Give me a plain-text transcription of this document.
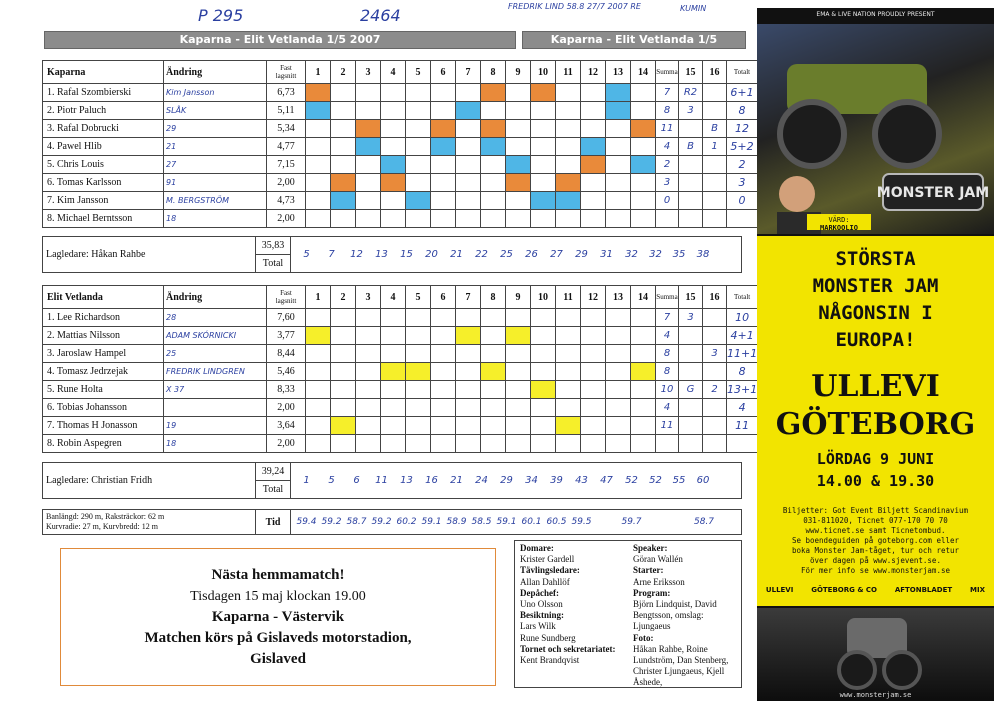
P 295	2464	FREDRIK LIND 58.8 27/7 2007 RE	KUMIN
Kaparna - Elit Vetlanda 1/5 2007	Kaparna - Elit Vetlanda 1/5
Kaparna	Ändring	Fast
lagsnitt	1	2	3	4	5	6	7	8	9	10	11	12	13	14	Summa	15	16	Totalt
1. Rafal Szombierski	Kim Jansson	6,73															7	R2		6+1
2. Piotr Paluch	SLÅK	5,11															8	3		8
3. Rafal Dobrucki	29	5,34															11		B	12
4. Pawel Hlib	21	4,77															4	B	1	5+2
5. Chris Louis	27	7,15															2			2
6. Tomas Karlsson	91	2,00															3			3
7. Kim Jansson	M. BERGSTRÖM	4,73															0			0
8. Michael Berntsson	18	2,00																		
Lagledare: Håkan Rahbe	35,83	
5	7	12	13	15	20	21	22	25	26	27	29	31	32	32	35	38

Total
Elit Vetlanda	Ändring	Fast
lagsnitt	1	2	3	4	5	6	7	8	9	10	11	12	13	14	Summa	15	16	Totalt
1. Lee Richardson	28	7,60															7	3		10
2. Mattias Nilsson	ADAM SKÓRNICKI	3,77															4			4+1
3. Jaroslaw Hampel	25	8,44															8		3	11+1
4. Tomasz Jedrzejak	FREDRIK LINDGREN	5,46															8			8
5. Rune Holta	X 37	8,33															10	G	2	13+1
6. Tobias Johansson		2,00															4			4
7. Thomas H Jonasson	19	3,64															11			11
8. Robin Aspegren	18	2,00																		
Lagledare: Christian Fridh	39,24	
1	5	6	11	13	16	21	24	29	34	39	43	47	52	52	55	60

Total
Banlängd: 290 m, Raksträckor: 62 m
Kurvradie: 27 m, Kurvbredd: 12 m	Tid	59.4 59.2 58.7 59.2 60.2 59.1 58.9 58.5 59.1 60.1 60.5 59.5	59.7	58.7
Nästa hemmamatch!
Tisdagen 15 maj klockan 19.00
Kaparna - Västervik
Matchen körs på Gislaveds motorstadion,
Gislaved
Domare:
Krister Gardell
Tävlingsledare:
Allan Dahllöf
Depåchef:
Uno Olsson
Besiktning:
Lars Wilk
Rune Sundberg
Tornet och sekretariatet:
Kent Brandqvist
Speaker:
Göran Wallén
Starter:
Arne Eriksson
Program:
Björn Lindquist, David Bengtsson, omslag: Ljungaeus
Foto:
Håkan Rahbe, Roine Lundström, Dan Stenberg, Christer Ljungaeus, Kjell Åshede,
EMA & LIVE NATION PROUDLY PRESENT
MONSTER JAM
VÄRD:
MARKOOLIO
STÖRSTA
MONSTER JAM
NÅGONSIN I
EUROPA!
ULLEVI
GÖTEBORG
LÖRDAG 9 JUNI
14.00 & 19.30
Biljetter: Got Event Biljett Scandinavium
031-811020, Ticnet 077-170 70 70
www.ticnet.se samt Ticnetombud.
Se boendeguiden på goteborg.com eller
boka Monster Jam-tåget, tur och retur
över dagen på www.sjevent.se.
För mer info se www.monsterjam.se
ULLEVI	GÖTEBORG & CO	AFTONBLADET	MIX
www.monsterjam.se
